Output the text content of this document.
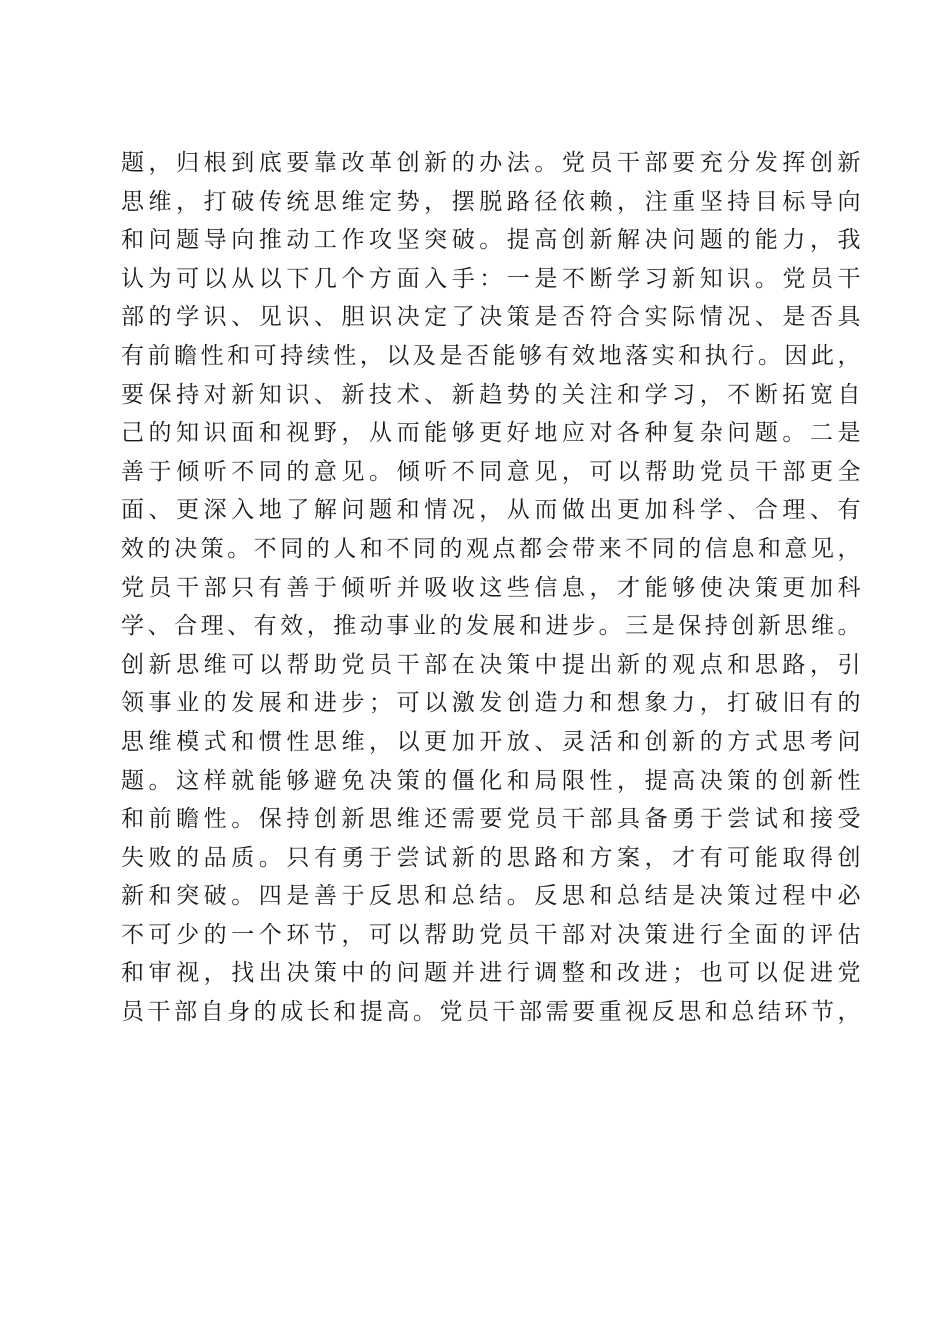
题，归根到底要靠改革创新的办法。党员干部要充分发挥创新
思维，打破传统思维定势，摆脱路径依赖，注重坚持目标导向
和问题导向推动工作攻坚突破。提高创新解决问题的能力，我
认为可以从以下几个方面入手：一是不断学习新知识。党员干
部的学识、见识、胆识决定了决策是否符合实际情况、是否具
有前瞻性和可持续性，以及是否能够有效地落实和执行。因此，
要保持对新知识、新技术、新趋势的关注和学习，不断拓宽自
己的知识面和视野，从而能够更好地应对各种复杂问题。二是
善于倾听不同的意见。倾听不同意见，可以帮助党员干部更全
面、更深入地了解问题和情况，从而做出更加科学、合理、有
效的决策。不同的人和不同的观点都会带来不同的信息和意见，
党员干部只有善于倾听并吸收这些信息，才能够使决策更加科
学、合理、有效，推动事业的发展和进步。三是保持创新思维。
创新思维可以帮助党员干部在决策中提出新的观点和思路，引
领事业的发展和进步；可以激发创造力和想象力，打破旧有的
思维模式和惯性思维，以更加开放、灵活和创新的方式思考问
题。这样就能够避免决策的僵化和局限性，提高决策的创新性
和前瞻性。保持创新思维还需要党员干部具备勇于尝试和接受
失败的品质。只有勇于尝试新的思路和方案，才有可能取得创
新和突破。四是善于反思和总结。反思和总结是决策过程中必
不可少的一个环节，可以帮助党员干部对决策进行全面的评估
和审视，找出决策中的问题并进行调整和改进；也可以促进党
员干部自身的成长和提高。党员干部需要重视反思和总结环节，
